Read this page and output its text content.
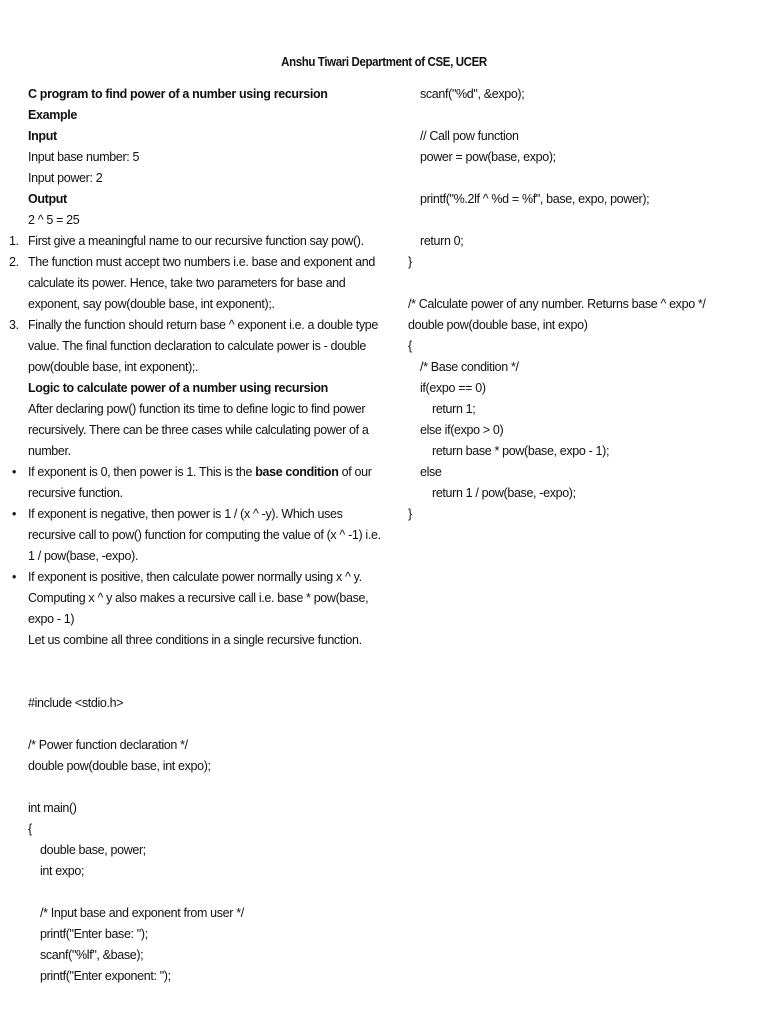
Anshu Tiwari Department of CSE, UCER
C program to find power of a number using recursion
Example
Input
Input base number: 5
Input power: 2
Output
2 ^ 5 = 25
1. First give a meaningful name to our recursive function say pow().
2. The function must accept two numbers i.e. base and exponent and calculate its power. Hence, take two parameters for base and exponent, say pow(double base, int exponent);.
3. Finally the function should return base ^ exponent i.e. a double type value. The final function declaration to calculate power is - double pow(double base, int exponent);.
Logic to calculate power of a number using recursion
After declaring pow() function its time to define logic to find power recursively. There can be three cases while calculating power of a number.
• If exponent is 0, then power is 1. This is the base condition of our recursive function.
• If exponent is negative, then power is 1 / (x ^ -y). Which uses recursive call to pow() function for computing the value of (x ^ -1) i.e. 1 / pow(base, -expo).
• If exponent is positive, then calculate power normally using x ^ y.
Computing x ^ y also makes a recursive call i.e. base * pow(base, expo - 1)
Let us combine all three conditions in a single recursive function.
#include <stdio.h>
/* Power function declaration */
double pow(double base, int expo);
int main()
{
double base, power;
int expo;
/* Input base and exponent from user */
printf("Enter base: ");
scanf("%lf", &base);
printf("Enter exponent: ");
scanf("%d", &expo);
// Call pow function
power = pow(base, expo);
printf("%.2lf ^ %d = %f", base, expo, power);
return 0;
}
/* Calculate power of any number. Returns base ^ expo */
double pow(double base, int expo)
{
/* Base condition */
if(expo == 0)
return 1;
else if(expo > 0)
return base * pow(base, expo - 1);
else
return 1 / pow(base, -expo);
}
